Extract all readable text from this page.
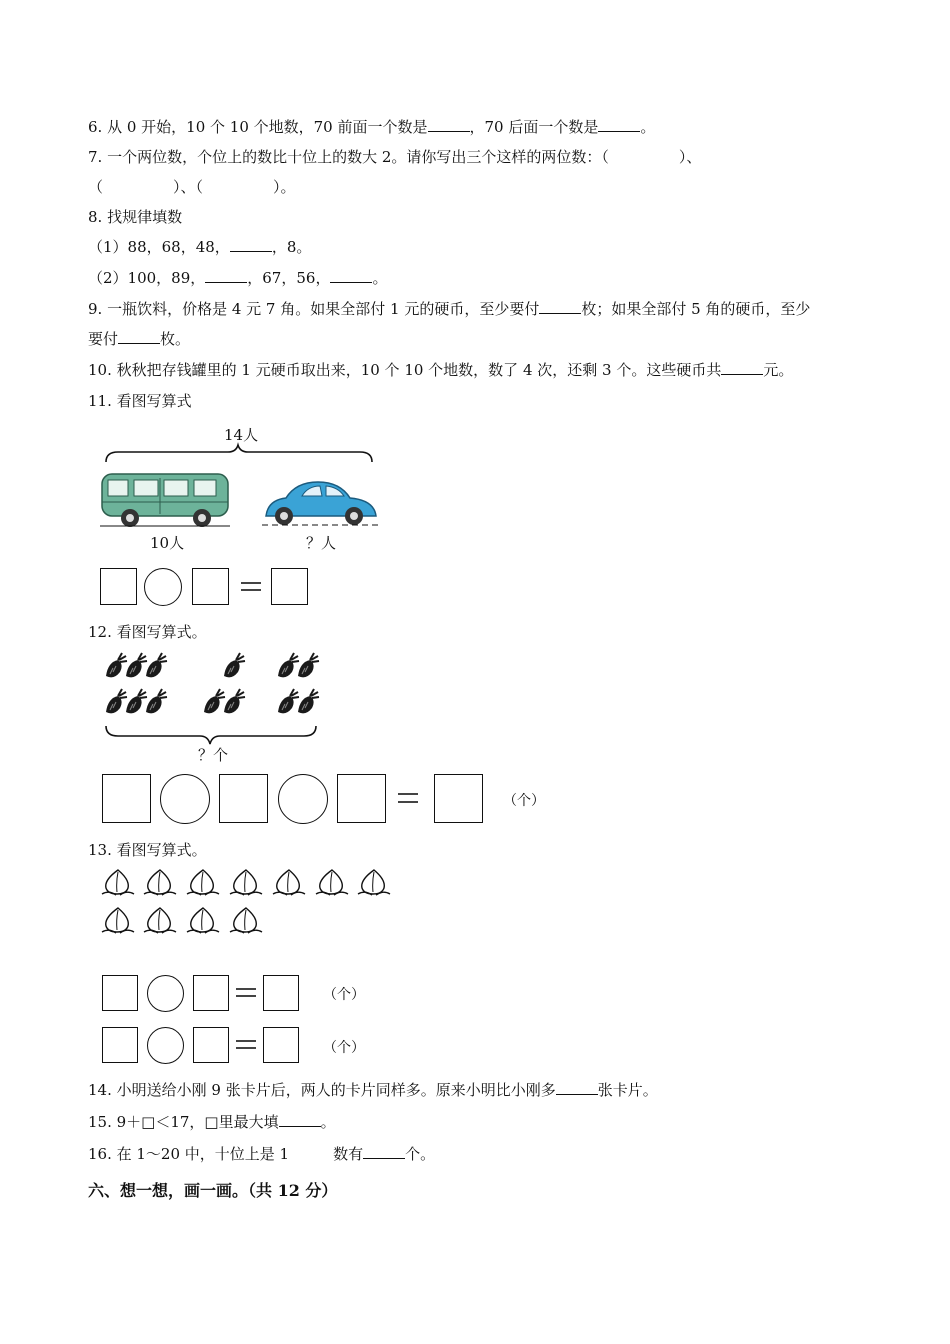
6. 从 0 开始，10 个 10 个地数，70 前面一个数是	，70 后面一个数是	。
7. 一个两位数，个位上的数比十位上的数大 2。请你写出三个这样的两位数：（	）、
（	）、（	）。
8. 找规律填数
（1）88，68，48，	，8。
（2）100，89，	，67，56，	。
9. 一瓶饮料，价格是 4 元 7 角。如果全部付 1 元的硬币，至少要付	枚；如果全部付 5 角的硬币，至少
要付	枚。
10. 秋秋把存钱罐里的 1 元硬币取出来，10 个 10 个地数，数了 4 次，还剩 3 个。这些硬币共	元。
11. 看图写算式
14人
10人	？人
12. 看图写算式。
？个
（个）
13. 看图写算式。
（个）
（个）
14. 小明送给小刚 9 张卡片后，两人的卡片同样多。原来小明比小刚多	张卡片。
15. 9＋□＜17，□里最大填	。
16. 在 1～20 中，十位上是 1	数有	个。
六、想一想，画一画。（共 12 分）
